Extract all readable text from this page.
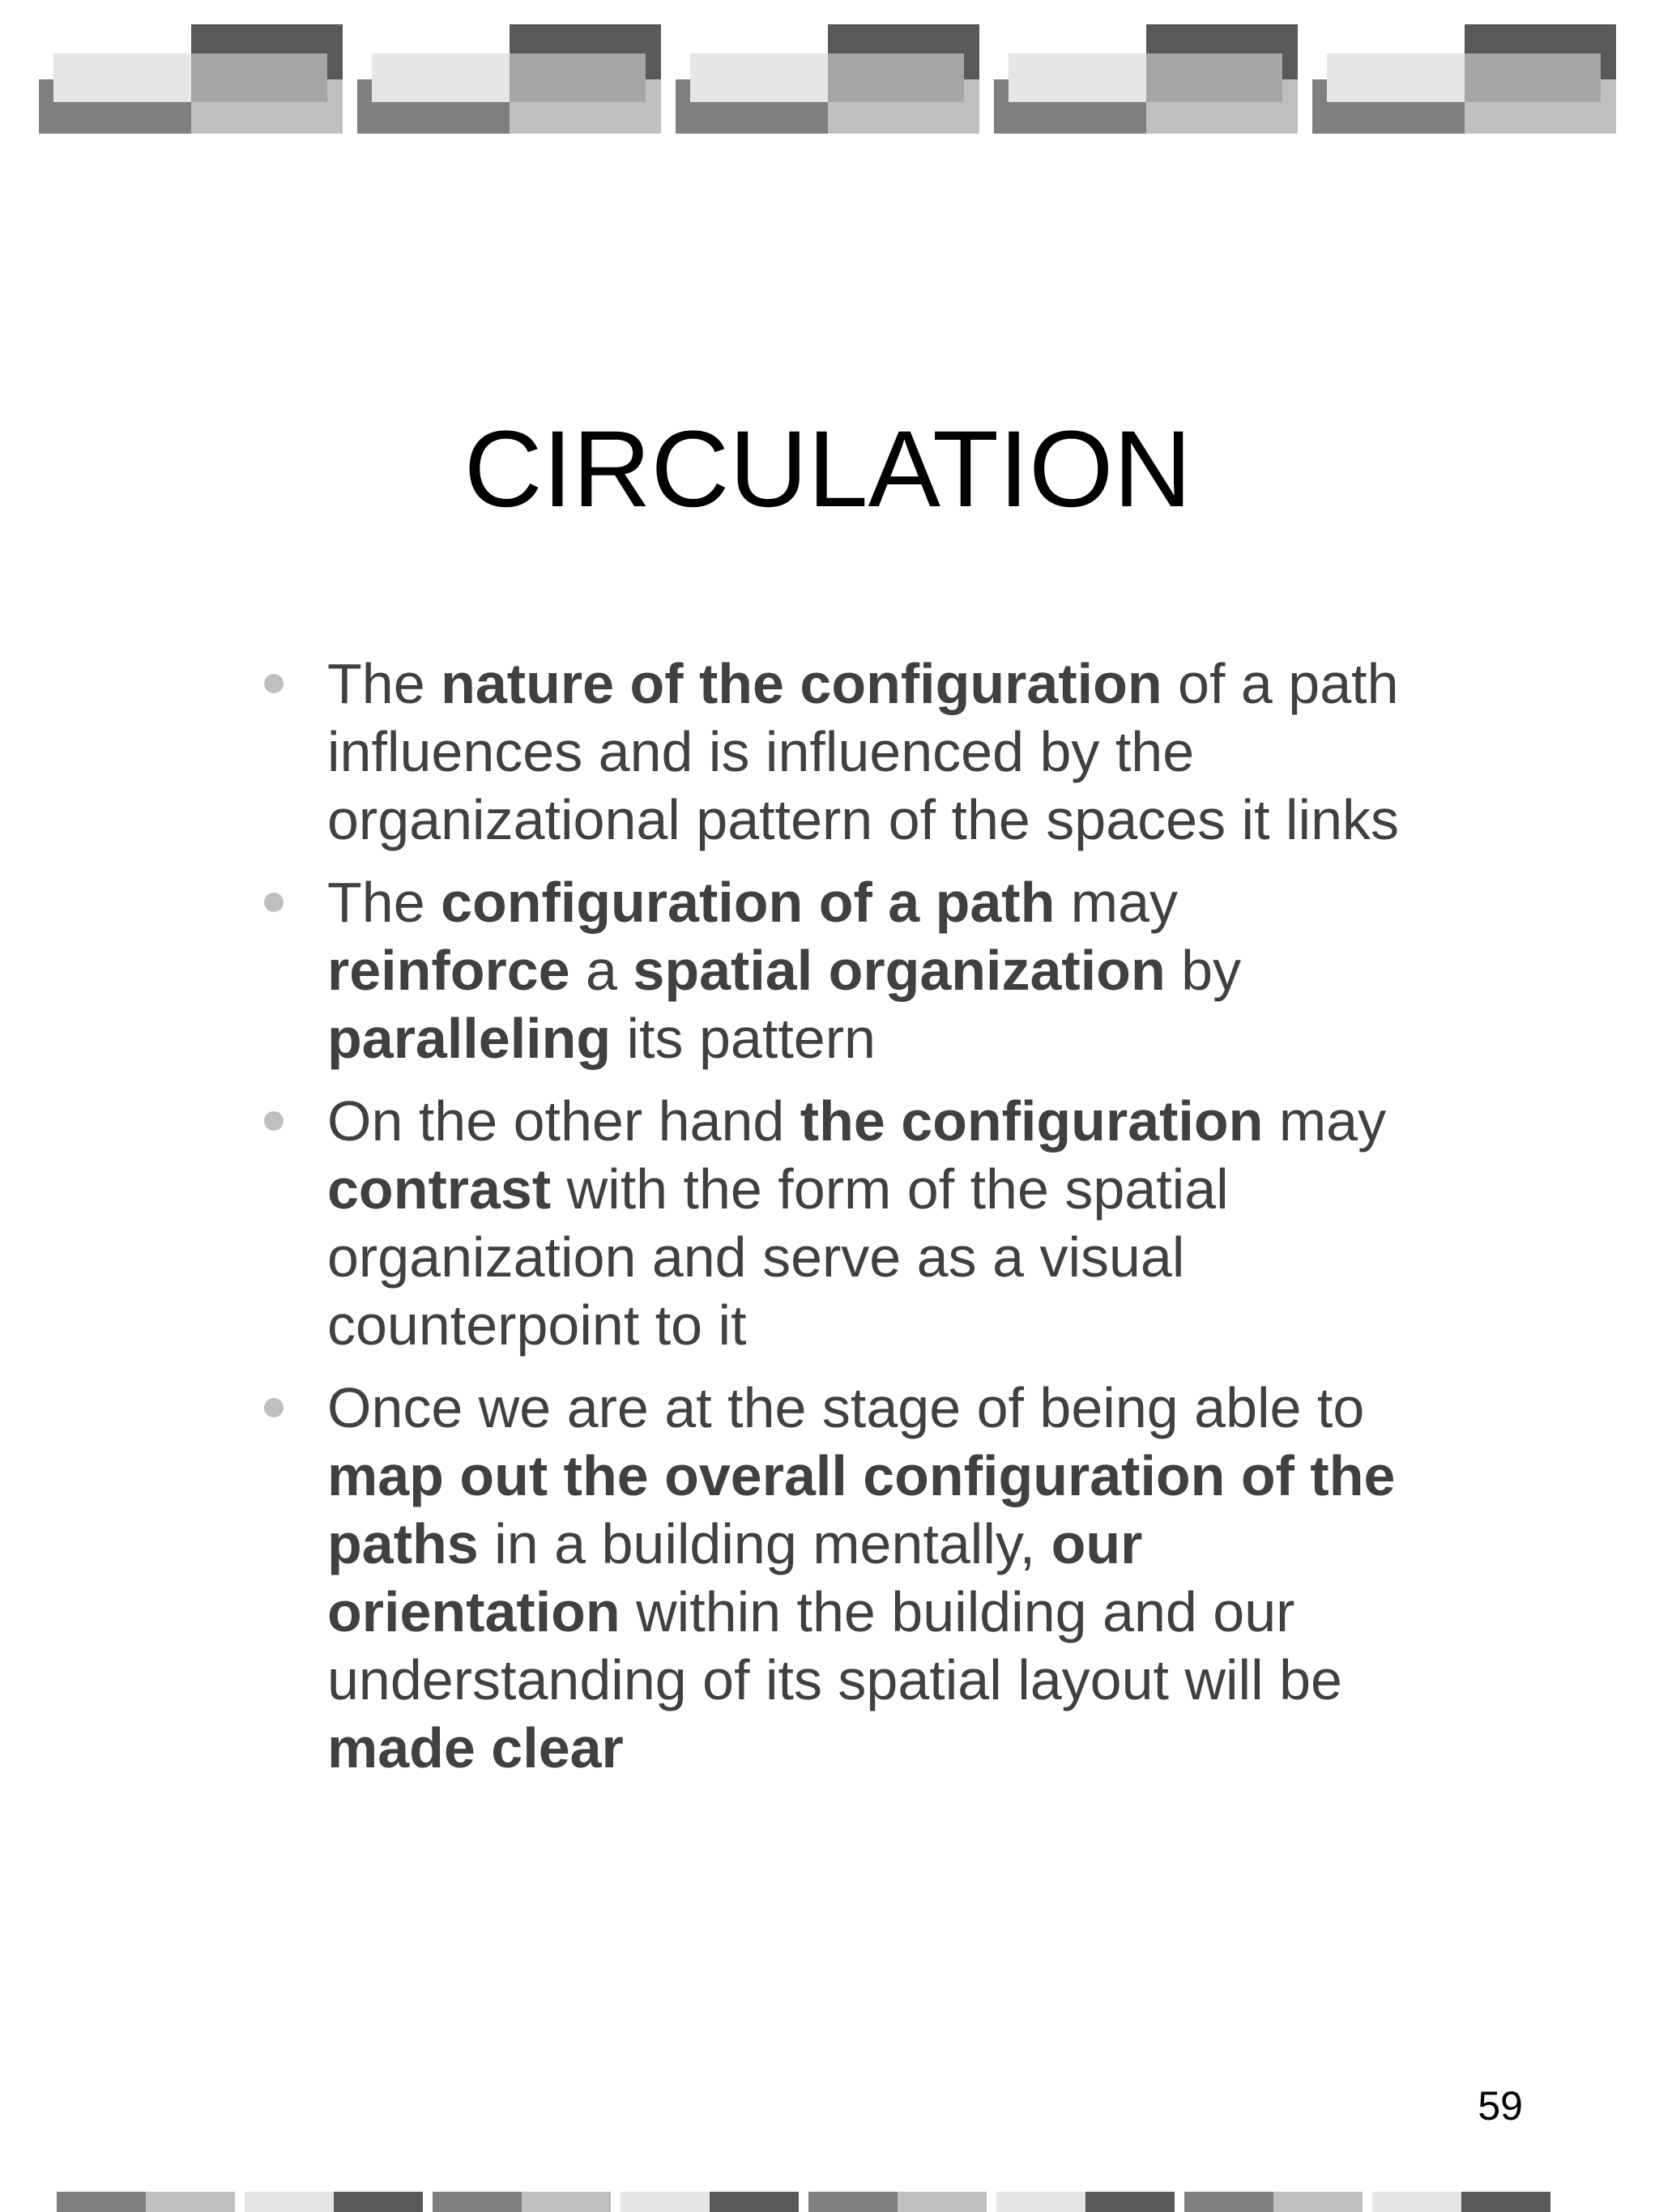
CIRCULATION
The nature of the configuration of a path
influences and is influenced by the
organizational pattern of the spaces it links
The configuration of a path may
reinforce a spatial organization by
paralleling its pattern
On the other hand the configuration may
contrast with the form of the spatial
organization and serve as a visual
counterpoint to it
Once we are at the stage of being able to
map out the overall configuration of the
paths in a building mentally, our
orientation within the building and our
understanding of its spatial layout will be
made clear
59
